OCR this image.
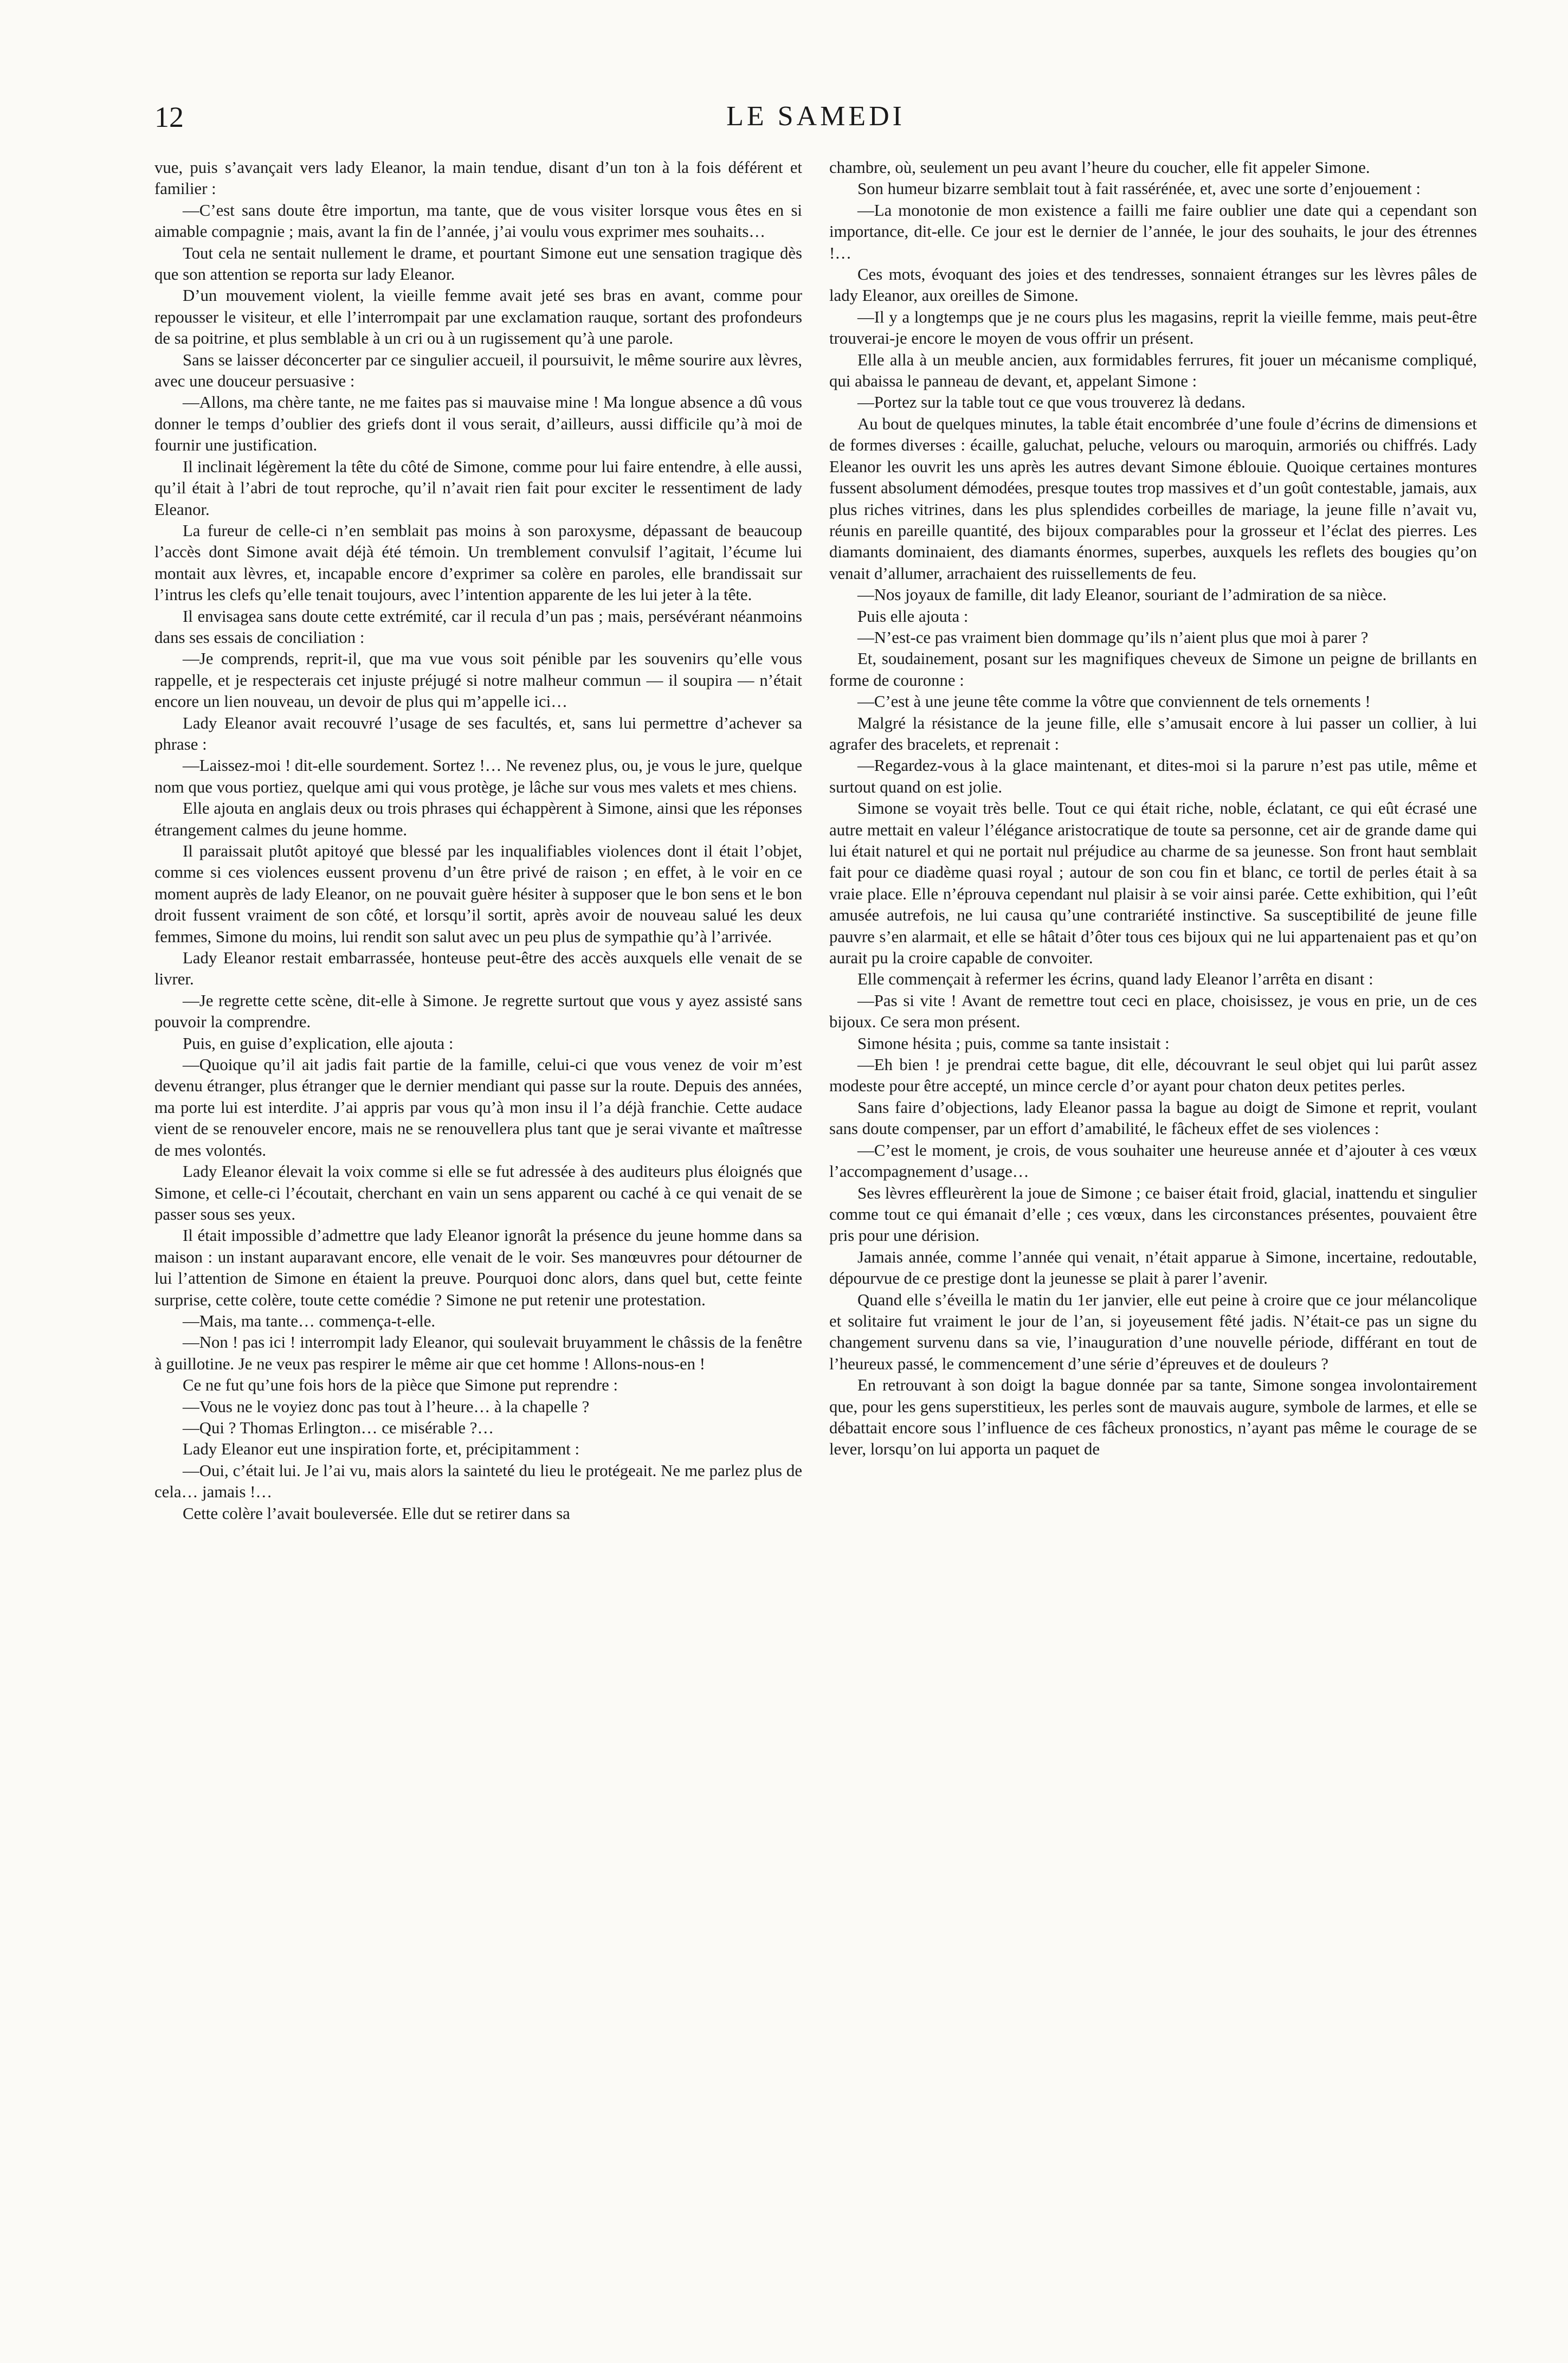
12	LE SAMEDI

vue, puis s’avançait vers lady Eleanor, la main tendue, disant d’un ton à la fois déférent et familier :

—C’est sans doute être importun, ma tante, que de vous visiter lorsque vous êtes en si aimable compagnie ; mais, avant la fin de l’année, j’ai voulu vous exprimer mes souhaits…

Tout cela ne sentait nullement le drame, et pourtant Simone eut une sensation tragique dès que son attention se reporta sur lady Eleanor.

D’un mouvement violent, la vieille femme avait jeté ses bras en avant, comme pour repousser le visiteur, et elle l’interrompait par une exclamation rauque, sortant des profondeurs de sa poitrine, et plus semblable à un cri ou à un rugissement qu’à une parole.

Sans se laisser déconcerter par ce singulier accueil, il poursuivit, le même sourire aux lèvres, avec une douceur persuasive :

—Allons, ma chère tante, ne me faites pas si mauvaise mine ! Ma longue absence a dû vous donner le temps d’oublier des griefs dont il vous serait, d’ailleurs, aussi difficile qu’à moi de fournir une justification.

Il inclinait légèrement la tête du côté de Simone, comme pour lui faire entendre, à elle aussi, qu’il était à l’abri de tout reproche, qu’il n’avait rien fait pour exciter le ressentiment de lady Eleanor.

La fureur de celle-ci n’en semblait pas moins à son paroxysme, dépassant de beaucoup l’accès dont Simone avait déjà été témoin. Un tremblement convulsif l’agitait, l’écume lui montait aux lèvres, et, incapable encore d’exprimer sa colère en paroles, elle brandissait sur l’intrus les clefs qu’elle tenait toujours, avec l’intention apparente de les lui jeter à la tête.

Il envisagea sans doute cette extrémité, car il recula d’un pas ; mais, persévérant néanmoins dans ses essais de conciliation :

—Je comprends, reprit-il, que ma vue vous soit pénible par les souvenirs qu’elle vous rappelle, et je respecterais cet injuste préjugé si notre malheur commun — il soupira — n’était encore un lien nouveau, un devoir de plus qui m’appelle ici…

Lady Eleanor avait recouvré l’usage de ses facultés, et, sans lui permettre d’achever sa phrase :

—Laissez-moi ! dit-elle sourdement. Sortez !… Ne revenez plus, ou, je vous le jure, quelque nom que vous portiez, quelque ami qui vous protège, je lâche sur vous mes valets et mes chiens.

Elle ajouta en anglais deux ou trois phrases qui échappèrent à Simone, ainsi que les réponses étrangement calmes du jeune homme.

Il paraissait plutôt apitoyé que blessé par les inqualifiables violences dont il était l’objet, comme si ces violences eussent provenu d’un être privé de raison ; en effet, à le voir en ce moment auprès de lady Eleanor, on ne pouvait guère hésiter à supposer que le bon sens et le bon droit fussent vraiment de son côté, et lorsqu’il sortit, après avoir de nouveau salué les deux femmes, Simone du moins, lui rendit son salut avec un peu plus de sympathie qu’à l’arrivée.

Lady Eleanor restait embarrassée, honteuse peut-être des accès auxquels elle venait de se livrer.

—Je regrette cette scène, dit-elle à Simone. Je regrette surtout que vous y ayez assisté sans pouvoir la comprendre.

Puis, en guise d’explication, elle ajouta :

—Quoique qu’il ait jadis fait partie de la famille, celui-ci que vous venez de voir m’est devenu étranger, plus étranger que le dernier mendiant qui passe sur la route. Depuis des années, ma porte lui est interdite. J’ai appris par vous qu’à mon insu il l’a déjà franchie. Cette audace vient de se renouveler encore, mais ne se renouvellera plus tant que je serai vivante et maîtresse de mes volontés.

Lady Eleanor élevait la voix comme si elle se fut adressée à des auditeurs plus éloignés que Simone, et celle-ci l’écoutait, cherchant en vain un sens apparent ou caché à ce qui venait de se passer sous ses yeux.

Il était impossible d’admettre que lady Eleanor ignorât la présence du jeune homme dans sa maison : un instant auparavant encore, elle venait de le voir. Ses manœuvres pour détourner de lui l’attention de Simone en étaient la preuve. Pourquoi donc alors, dans quel but, cette feinte surprise, cette colère, toute cette comédie ? Simone ne put retenir une protestation.

—Mais, ma tante… commença-t-elle.

—Non ! pas ici ! interrompit lady Eleanor, qui soulevait bruyamment le châssis de la fenêtre à guillotine. Je ne veux pas respirer le même air que cet homme ! Allons-nous-en !

Ce ne fut qu’une fois hors de la pièce que Simone put reprendre :

—Vous ne le voyiez donc pas tout à l’heure… à la chapelle ?

—Qui ? Thomas Erlington… ce misérable ?…

Lady Eleanor eut une inspiration forte, et, précipitamment :

—Oui, c’était lui. Je l’ai vu, mais alors la sainteté du lieu le protégeait. Ne me parlez plus de cela… jamais !…

Cette colère l’avait bouleversée. Elle dut se retirer dans sa

chambre, où, seulement un peu avant l’heure du coucher, elle fit appeler Simone.

Son humeur bizarre semblait tout à fait rassérénée, et, avec une sorte d’enjouement :

—La monotonie de mon existence a failli me faire oublier une date qui a cependant son importance, dit-elle. Ce jour est le dernier de l’année, le jour des souhaits, le jour des étrennes !…

Ces mots, évoquant des joies et des tendresses, sonnaient étranges sur les lèvres pâles de lady Eleanor, aux oreilles de Simone.

—Il y a longtemps que je ne cours plus les magasins, reprit la vieille femme, mais peut-être trouverai-je encore le moyen de vous offrir un présent.

Elle alla à un meuble ancien, aux formidables ferrures, fit jouer un mécanisme compliqué, qui abaissa le panneau de devant, et, appelant Simone :

—Portez sur la table tout ce que vous trouverez là dedans.

Au bout de quelques minutes, la table était encombrée d’une foule d’écrins de dimensions et de formes diverses : écaille, galuchat, peluche, velours ou maroquin, armoriés ou chiffrés. Lady Eleanor les ouvrit les uns après les autres devant Simone éblouie. Quoique certaines montures fussent absolument démodées, presque toutes trop massives et d’un goût contestable, jamais, aux plus riches vitrines, dans les plus splendides corbeilles de mariage, la jeune fille n’avait vu, réunis en pareille quantité, des bijoux comparables pour la grosseur et l’éclat des pierres. Les diamants dominaient, des diamants énormes, superbes, auxquels les reflets des bougies qu’on venait d’allumer, arrachaient des ruissellements de feu.

—Nos joyaux de famille, dit lady Eleanor, souriant de l’admiration de sa nièce.

Puis elle ajouta :

—N’est-ce pas vraiment bien dommage qu’ils n’aient plus que moi à parer ?

Et, soudainement, posant sur les magnifiques cheveux de Simone un peigne de brillants en forme de couronne :

—C’est à une jeune tête comme la vôtre que conviennent de tels ornements !

Malgré la résistance de la jeune fille, elle s’amusait encore à lui passer un collier, à lui agrafer des bracelets, et reprenait :

—Regardez-vous à la glace maintenant, et dites-moi si la parure n’est pas utile, même et surtout quand on est jolie.

Simone se voyait très belle. Tout ce qui était riche, noble, éclatant, ce qui eût écrasé une autre mettait en valeur l’élégance aristocratique de toute sa personne, cet air de grande dame qui lui était naturel et qui ne portait nul préjudice au charme de sa jeunesse. Son front haut semblait fait pour ce diadème quasi royal ; autour de son cou fin et blanc, ce tortil de perles était à sa vraie place. Elle n’éprouva cependant nul plaisir à se voir ainsi parée. Cette exhibition, qui l’eût amusée autrefois, ne lui causa qu’une contrariété instinctive. Sa susceptibilité de jeune fille pauvre s’en alarmait, et elle se hâtait d’ôter tous ces bijoux qui ne lui appartenaient pas et qu’on aurait pu la croire capable de convoiter.

Elle commençait à refermer les écrins, quand lady Eleanor l’arrêta en disant :

—Pas si vite ! Avant de remettre tout ceci en place, choisissez, je vous en prie, un de ces bijoux. Ce sera mon présent.

Simone hésita ; puis, comme sa tante insistait :

—Eh bien ! je prendrai cette bague, dit elle, découvrant le seul objet qui lui parût assez modeste pour être accepté, un mince cercle d’or ayant pour chaton deux petites perles.

Sans faire d’objections, lady Eleanor passa la bague au doigt de Simone et reprit, voulant sans doute compenser, par un effort d’amabilité, le fâcheux effet de ses violences :

—C’est le moment, je crois, de vous souhaiter une heureuse année et d’ajouter à ces vœux l’accompagnement d’usage…

Ses lèvres effleurèrent la joue de Simone ; ce baiser était froid, glacial, inattendu et singulier comme tout ce qui émanait d’elle ; ces vœux, dans les circonstances présentes, pouvaient être pris pour une dérision.

Jamais année, comme l’année qui venait, n’était apparue à Simone, incertaine, redoutable, dépourvue de ce prestige dont la jeunesse se plait à parer l’avenir.

Quand elle s’éveilla le matin du 1er janvier, elle eut peine à croire que ce jour mélancolique et solitaire fut vraiment le jour de l’an, si joyeusement fêté jadis. N’était-ce pas un signe du changement survenu dans sa vie, l’inauguration d’une nouvelle période, différant en tout de l’heureux passé, le commencement d’une série d’épreuves et de douleurs ?

En retrouvant à son doigt la bague donnée par sa tante, Simone songea involontairement que, pour les gens superstitieux, les perles sont de mauvais augure, symbole de larmes, et elle se débattait encore sous l’influence de ces fâcheux pronostics, n’ayant pas même le courage de se lever, lorsqu’on lui apporta un paquet de
